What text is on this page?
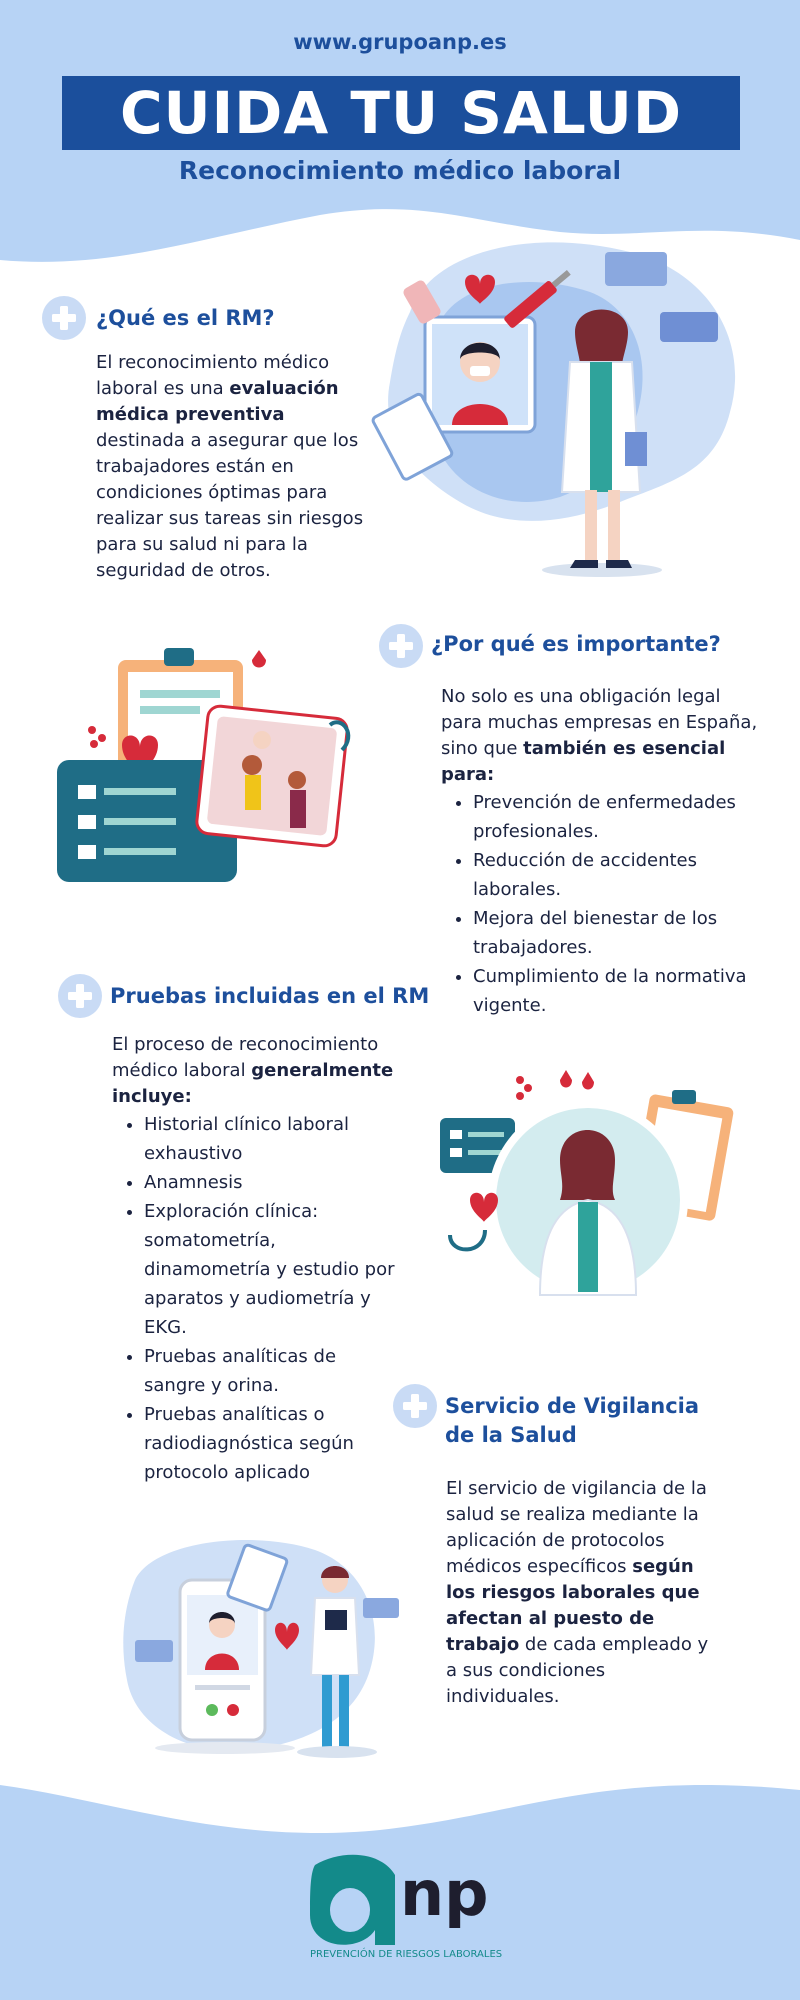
www.grupoanp.es
CUIDA TU SALUD
Reconocimiento médico laboral
¿Qué es el RM?
El reconocimiento médico laboral es una evaluación médica preventiva destinada a asegurar que los trabajadores están en condiciones óptimas para realizar sus tareas sin riesgos para su salud ni para la seguridad de otros.
¿Por qué es importante?
No solo es una obligación legal para muchas empresas en España, sino que también es esencial para:
• Prevención de enfermedades profesionales.
• Reducción de accidentes laborales.
• Mejora del bienestar de los trabajadores.
• Cumplimiento de la normativa vigente.
Pruebas incluidas en el RM
El proceso de reconocimiento médico laboral generalmente incluye:
• Historial clínico laboral exhaustivo
• Anamnesis
• Exploración clínica: somatometría, dinamometría y estudio por aparatos y audiometría y EKG.
• Pruebas analíticas de sangre y orina.
• Pruebas analíticas o radiodiagnóstica según protocolo aplicado
Servicio de Vigilancia de la Salud
El servicio de vigilancia de la salud se realiza mediante la aplicación de protocolos médicos específicos según los riesgos laborales que afectan al puesto de trabajo de cada empleado y a sus condiciones individuales.
np
PREVENCIÓN DE RIESGOS LABORALES
